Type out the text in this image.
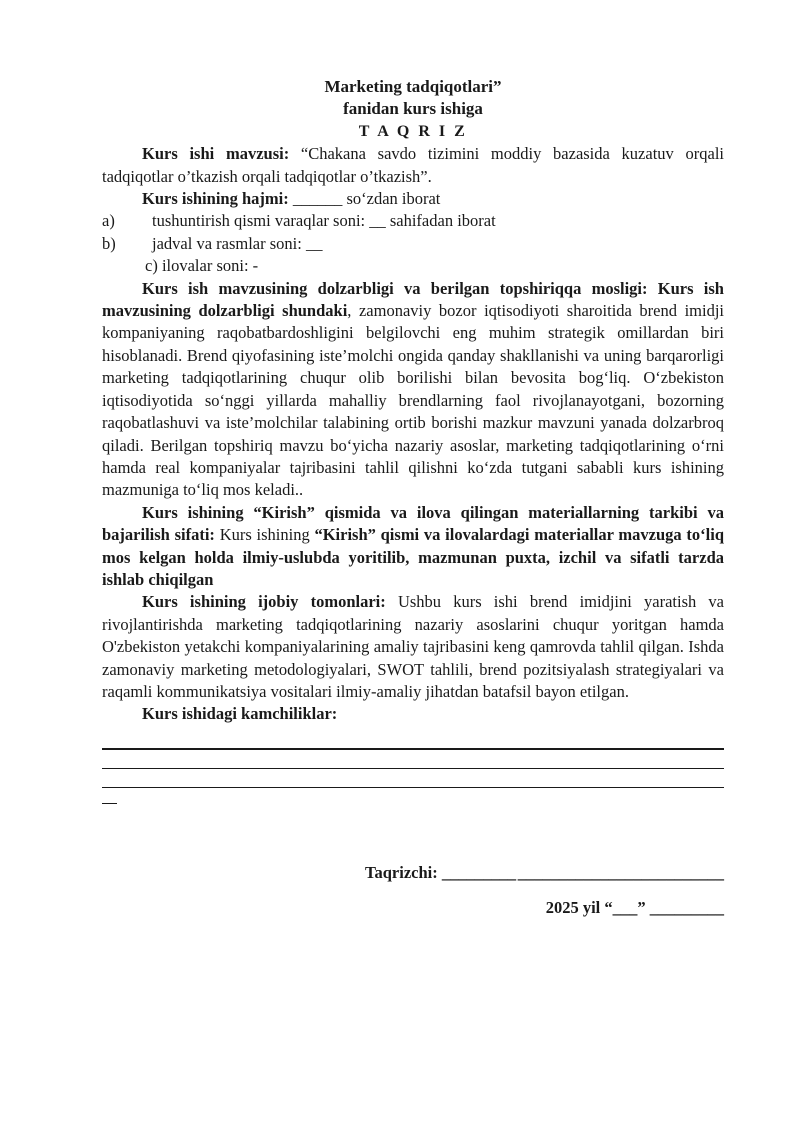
Marketing tadqiqotlari”
fanidan kurs ishiga
T A Q R I Z

Kurs ishi mavzusi: “Chakana savdo tizimini moddiy bazasida kuzatuv orqali tadqiqotlar o’tkazish orqali tadqiqotlar o’tkazish”.

Kurs ishining hajmi: ______ so‘zdan iborat

a)	tushuntirish qismi varaqlar soni: __ sahifadan iborat
b)	jadval va rasmlar soni: __
c) ilovalar soni: -

Kurs ish mavzusining dolzarbligi va berilgan topshiriqqa mosligi: Kurs ish mavzusining dolzarbligi shundaki, zamonaviy bozor iqtisodiyoti sharoitida brend imidji kompaniyaning raqobatbardoshligini belgilovchi eng muhim strategik omillardan biri hisoblanadi. Brend qiyofasining iste’molchi ongida qanday shakllanishi va uning barqarorligi marketing tadqiqotlarining chuqur olib borilishi bilan bevosita bog‘liq. O‘zbekiston iqtisodiyotida so‘nggi yillarda mahalliy brendlarning faol rivojlanayotgani, bozorning raqobatlashuvi va iste’molchilar talabining ortib borishi mazkur mavzuni yanada dolzarbroq qiladi. Berilgan topshiriq mavzu bo‘yicha nazariy asoslar, marketing tadqiqotlarining o‘rni hamda real kompaniyalar tajribasini tahlil qilishni ko‘zda tutgani sababli kurs ishining mazmuniga to‘liq mos keladi..

Kurs ishining “Kirish” qismida va ilova qilingan materiallarning tarkibi va bajarilish sifati: Kurs ishining “Kirish” qismi va ilovalardagi materiallar mavzuga to‘liq mos kelgan holda ilmiy-uslubda yoritilib, mazmunan puxta, izchil va sifatli tarzda ishlab chiqilgan

Kurs ishining ijobiy tomonlari: Ushbu kurs ishi brend imidjini yaratish va rivojlantirishda marketing tadqiqotlarining nazariy asoslarini chuqur yoritgan hamda O'zbekiston yetakchi kompaniyalarining amaliy tajribasini keng qamrovda tahlil qilgan. Ishda zamonaviy marketing metodologiyalari, SWOT tahlili, brend pozitsiyalash strategiyalari va raqamli kommunikatsiya vositalari ilmiy-amaliy jihatdan batafsil bayon etilgan.

Kurs ishidagi kamchiliklar:

Taqrizchi: _________ _________________________
2025 yil “___” _________
